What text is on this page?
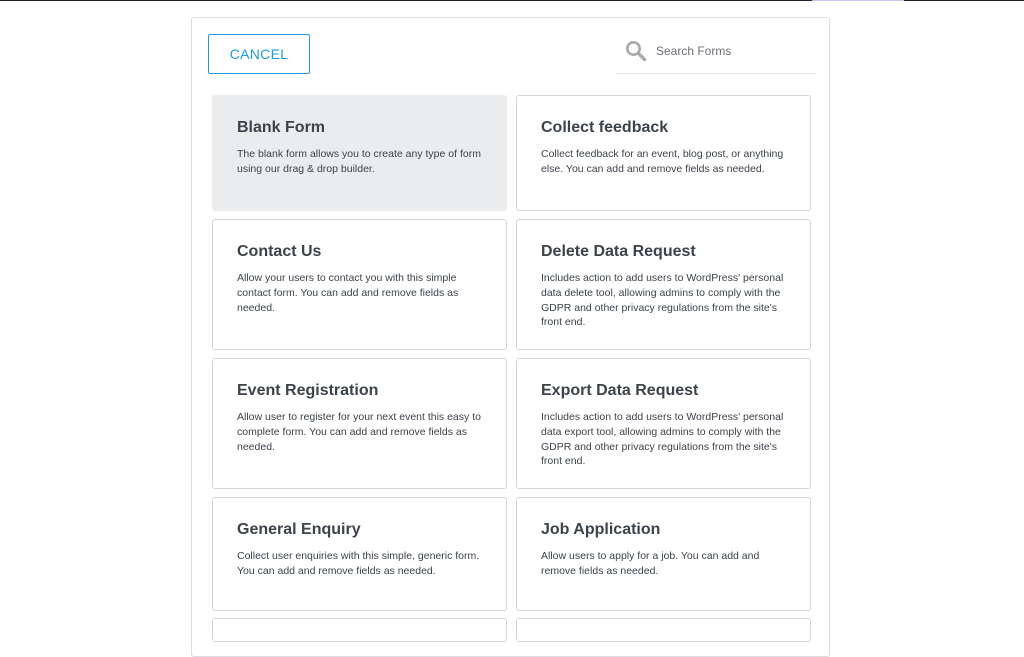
CANCEL
Search Forms
Blank Form
The blank form allows you to create any type of form using our drag & drop builder.
Collect feedback
Collect feedback for an event, blog post, or anything else. You can add and remove fields as needed.
Contact Us
Allow your users to contact you with this simple contact form. You can add and remove fields as needed.
Delete Data Request
Includes action to add users to WordPress' personal data delete tool, allowing admins to comply with the GDPR and other privacy regulations from the site's front end.
Event Registration
Allow user to register for your next event this easy to complete form. You can add and remove fields as needed.
Export Data Request
Includes action to add users to WordPress' personal data export tool, allowing admins to comply with the GDPR and other privacy regulations from the site's front end.
General Enquiry
Collect user enquiries with this simple, generic form. You can add and remove fields as needed.
Job Application
Allow users to apply for a job. You can add and remove fields as needed.
